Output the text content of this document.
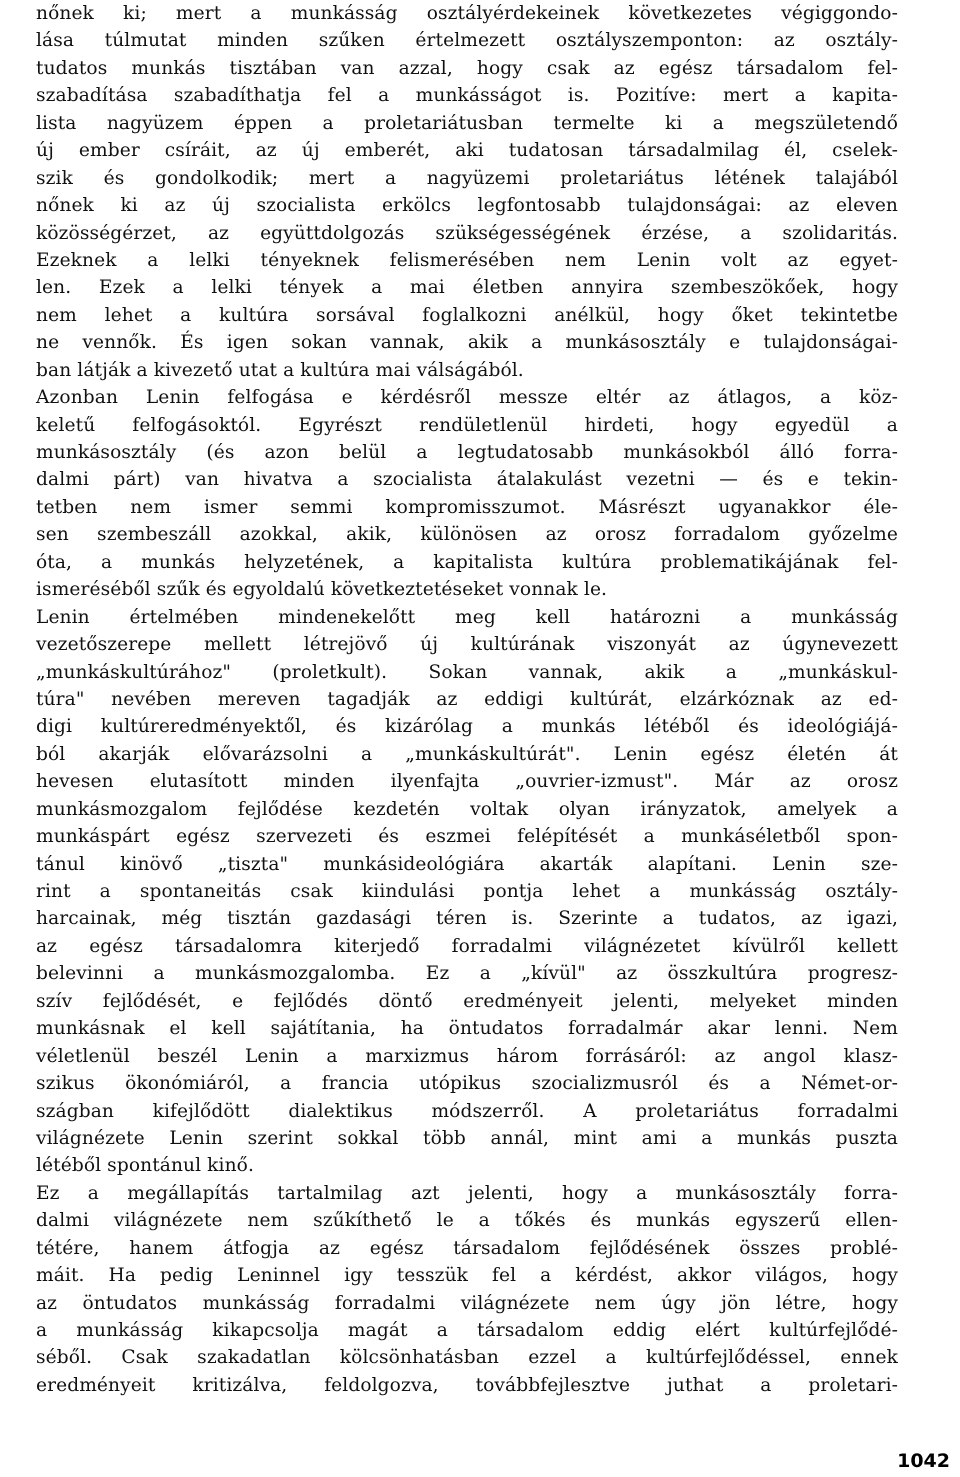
nőnek ki; mert a munkásság osztályérdekeinek következetes végiggondo-
lása túlmutat minden szűken értelmezett osztályszemponton: az osztály-
tudatos munkás tisztában van azzal, hogy csak az egész társadalom fel-
szabadítása szabadíthatja fel a munkásságot is. Pozitíve: mert a kapita-
lista nagyüzem éppen a proletariátusban termelte ki a megszületendő
új ember csíráit, az új emberét, aki tudatosan társadalmilag él, cselek-
szik és gondolkodik; mert a nagyüzemi proletariátus létének talajából
nőnek ki az új szocialista erkölcs legfontosabb tulajdonságai: az eleven
közösségérzet, az együttdolgozás szükségességének érzése, a szolidaritás.
Ezeknek a lelki tényeknek felismerésében nem Lenin volt az egyet-
len. Ezek a lelki tények a mai életben annyira szembeszökőek, hogy
nem lehet a kultúra sorsával foglalkozni anélkül, hogy őket tekintetbe
ne vennők. És igen sokan vannak, akik a munkásosztály e tulajdonságai-
ban látják a kivezető utat a kultúra mai válságából.
Azonban Lenin felfogása e kérdésről messze eltér az átlagos, a köz-
keletű felfogásoktól. Egyrészt rendületlenül hirdeti, hogy egyedül a
munkásosztály (és azon belül a legtudatosabb munkásokból álló forra-
dalmi párt) van hivatva a szocialista átalakulást vezetni — és e tekin-
tetben nem ismer semmi kompromisszumot. Másrészt ugyanakkor éle-
sen szembeszáll azokkal, akik, különösen az orosz forradalom győzelme
óta, a munkás helyzetének, a kapitalista kultúra problematikájának fel-
ismeréséből szűk és egyoldalú következtetéseket vonnak le.
Lenin értelmében mindenekelőtt meg kell határozni a munkásság
vezetőszerepe mellett létrejövő új kultúrának viszonyát az úgynevezett
„munkáskultúrához" (proletkult). Sokan vannak, akik a „munkáskul-
túra" nevében mereven tagadják az eddigi kultúrát, elzárkóznak az ed-
digi kultúreredményektől, és kizárólag a munkás létéből és ideológiájá-
ból akarják elővarázsolni a „munkáskultúrát". Lenin egész életén át
hevesen elutasított minden ilyenfajta „ouvrier-izmust". Már az orosz
munkásmozgalom fejlődése kezdetén voltak olyan irányzatok, amelyek a
munkáspárt egész szervezeti és eszmei felépítését a munkáséletből spon-
tánul kinövő „tiszta" munkásideológiára akarták alapítani. Lenin sze-
rint a spontaneitás csak kiindulási pontja lehet a munkásság osztály-
harcainak, még tisztán gazdasági téren is. Szerinte a tudatos, az igazi,
az egész társadalomra kiterjedő forradalmi világnézetet kívülről kellett
belevinni a munkásmozgalomba. Ez a „kívül" az összkultúra progresz-
szív fejlődését, e fejlődés döntő eredményeit jelenti, melyeket minden
munkásnak el kell sajátítania, ha öntudatos forradalmár akar lenni. Nem
véletlenül beszél Lenin a marxizmus három forrásáról: az angol klasz-
szikus ökonómiáról, a francia utópikus szocializmusról és a Német-or-
szágban kifejlődött dialektikus módszerről. A proletariátus forradalmi
világnézete Lenin szerint sokkal több annál, mint ami a munkás puszta
létéből spontánul kinő.
Ez a megállapítás tartalmilag azt jelenti, hogy a munkásosztály forra-
dalmi világnézete nem szűkíthető le a tőkés és munkás egyszerű ellen-
tétére, hanem átfogja az egész társadalom fejlődésének összes problé-
máit. Ha pedig Leninnel igy tesszük fel a kérdést, akkor világos, hogy
az öntudatos munkásság forradalmi világnézete nem úgy jön létre, hogy
a munkásság kikapcsolja magát a társadalom eddig elért kultúrfejlődé-
séből. Csak szakadatlan kölcsönhatásban ezzel a kultúrfejlődéssel, ennek
eredményeit kritizálva, feldolgozva, továbbfejlesztve juthat a proletari-
1042
